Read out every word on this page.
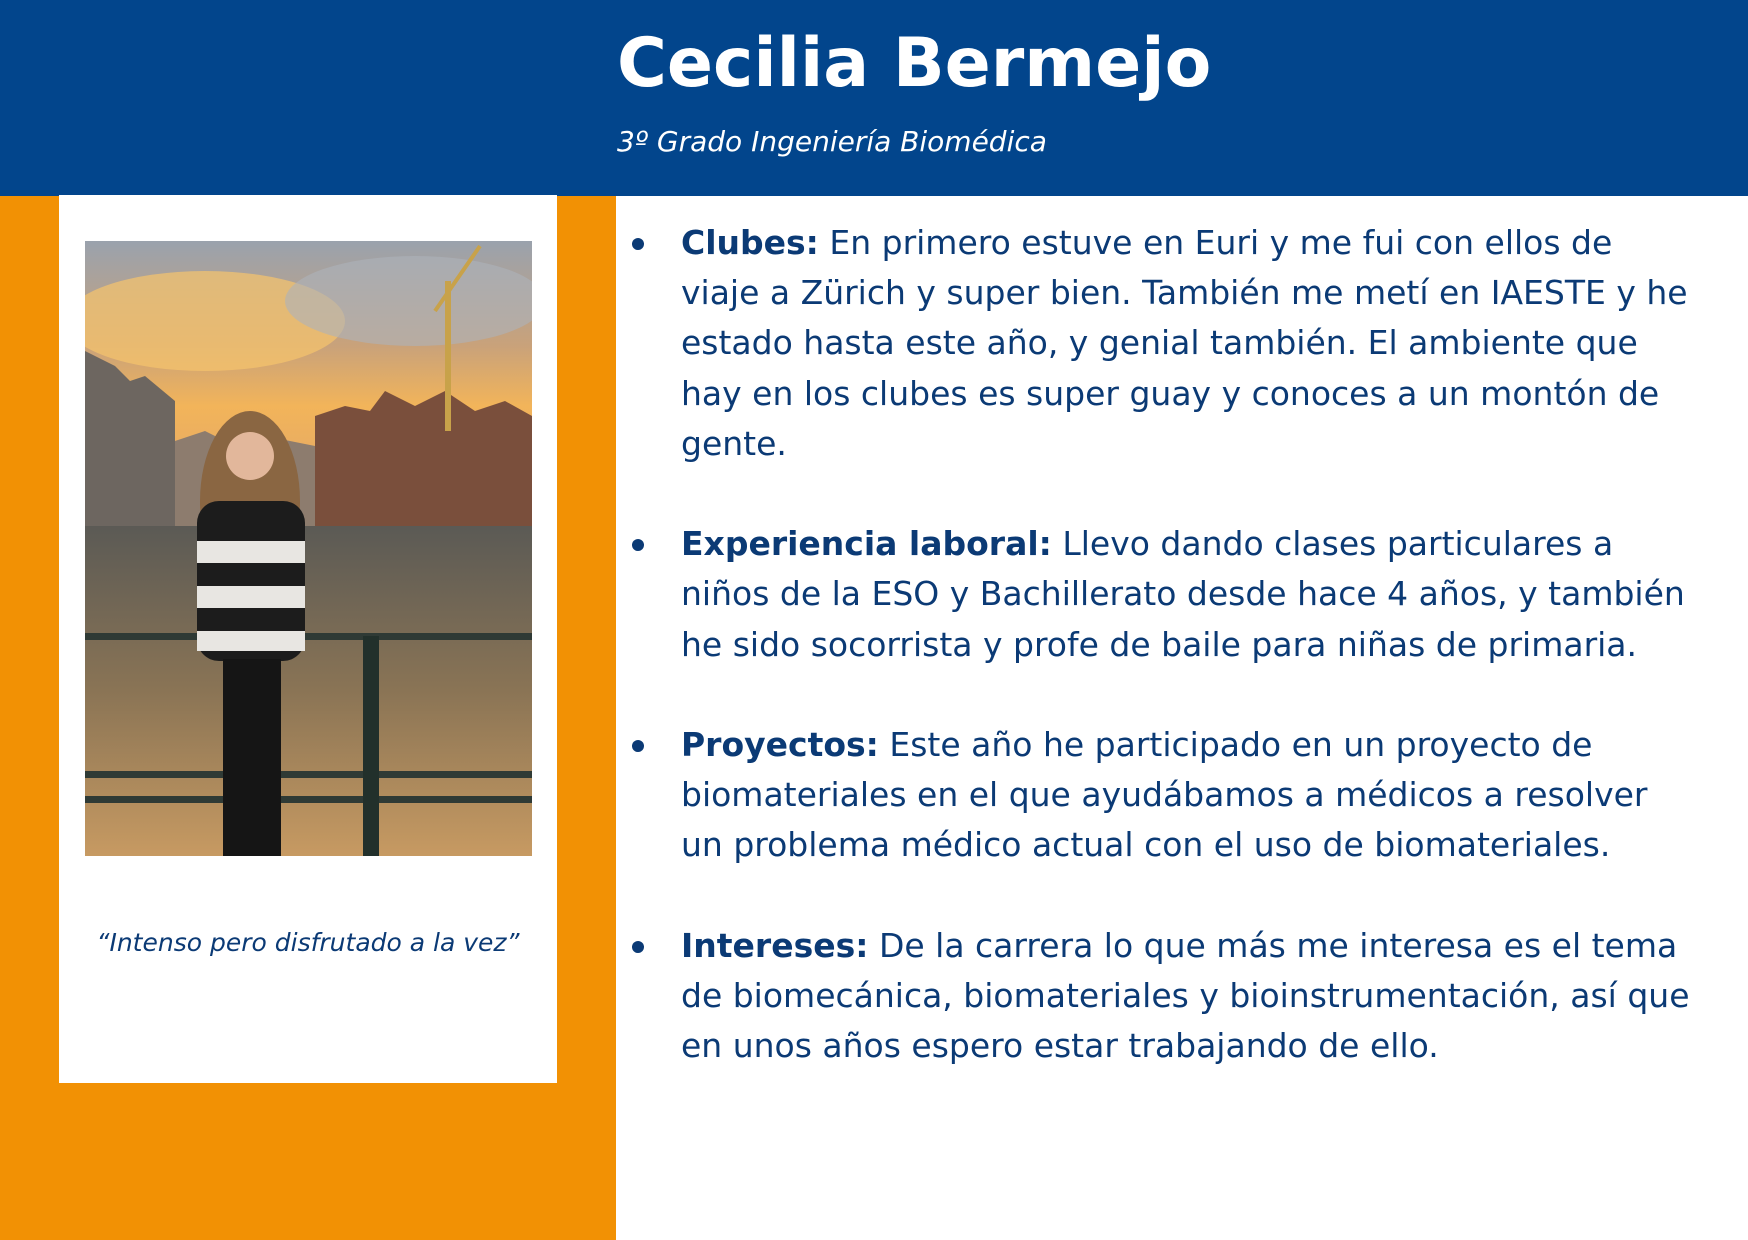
Cecilia Bermejo
3º Grado Ingeniería Biomédica
“Intenso pero disfrutado a la vez”
Clubes: En primero estuve en Euri y me fui con ellos de viaje a Zürich y super bien. También me metí en IAESTE y he estado hasta este año, y genial también. El ambiente que hay en los clubes es super guay y conoces a un montón de gente.
Experiencia laboral: Llevo dando clases particulares a niños de la ESO y Bachillerato desde hace 4 años, y también he sido socorrista y profe de baile para niñas de primaria.
Proyectos: Este año he participado en un proyecto de biomateriales en el que ayudábamos a médicos a resolver un problema médico actual con el uso de biomateriales.
Intereses: De la carrera lo que más me interesa es el tema de biomecánica, biomateriales y bioinstrumentación, así que en unos años espero estar trabajando de ello.
